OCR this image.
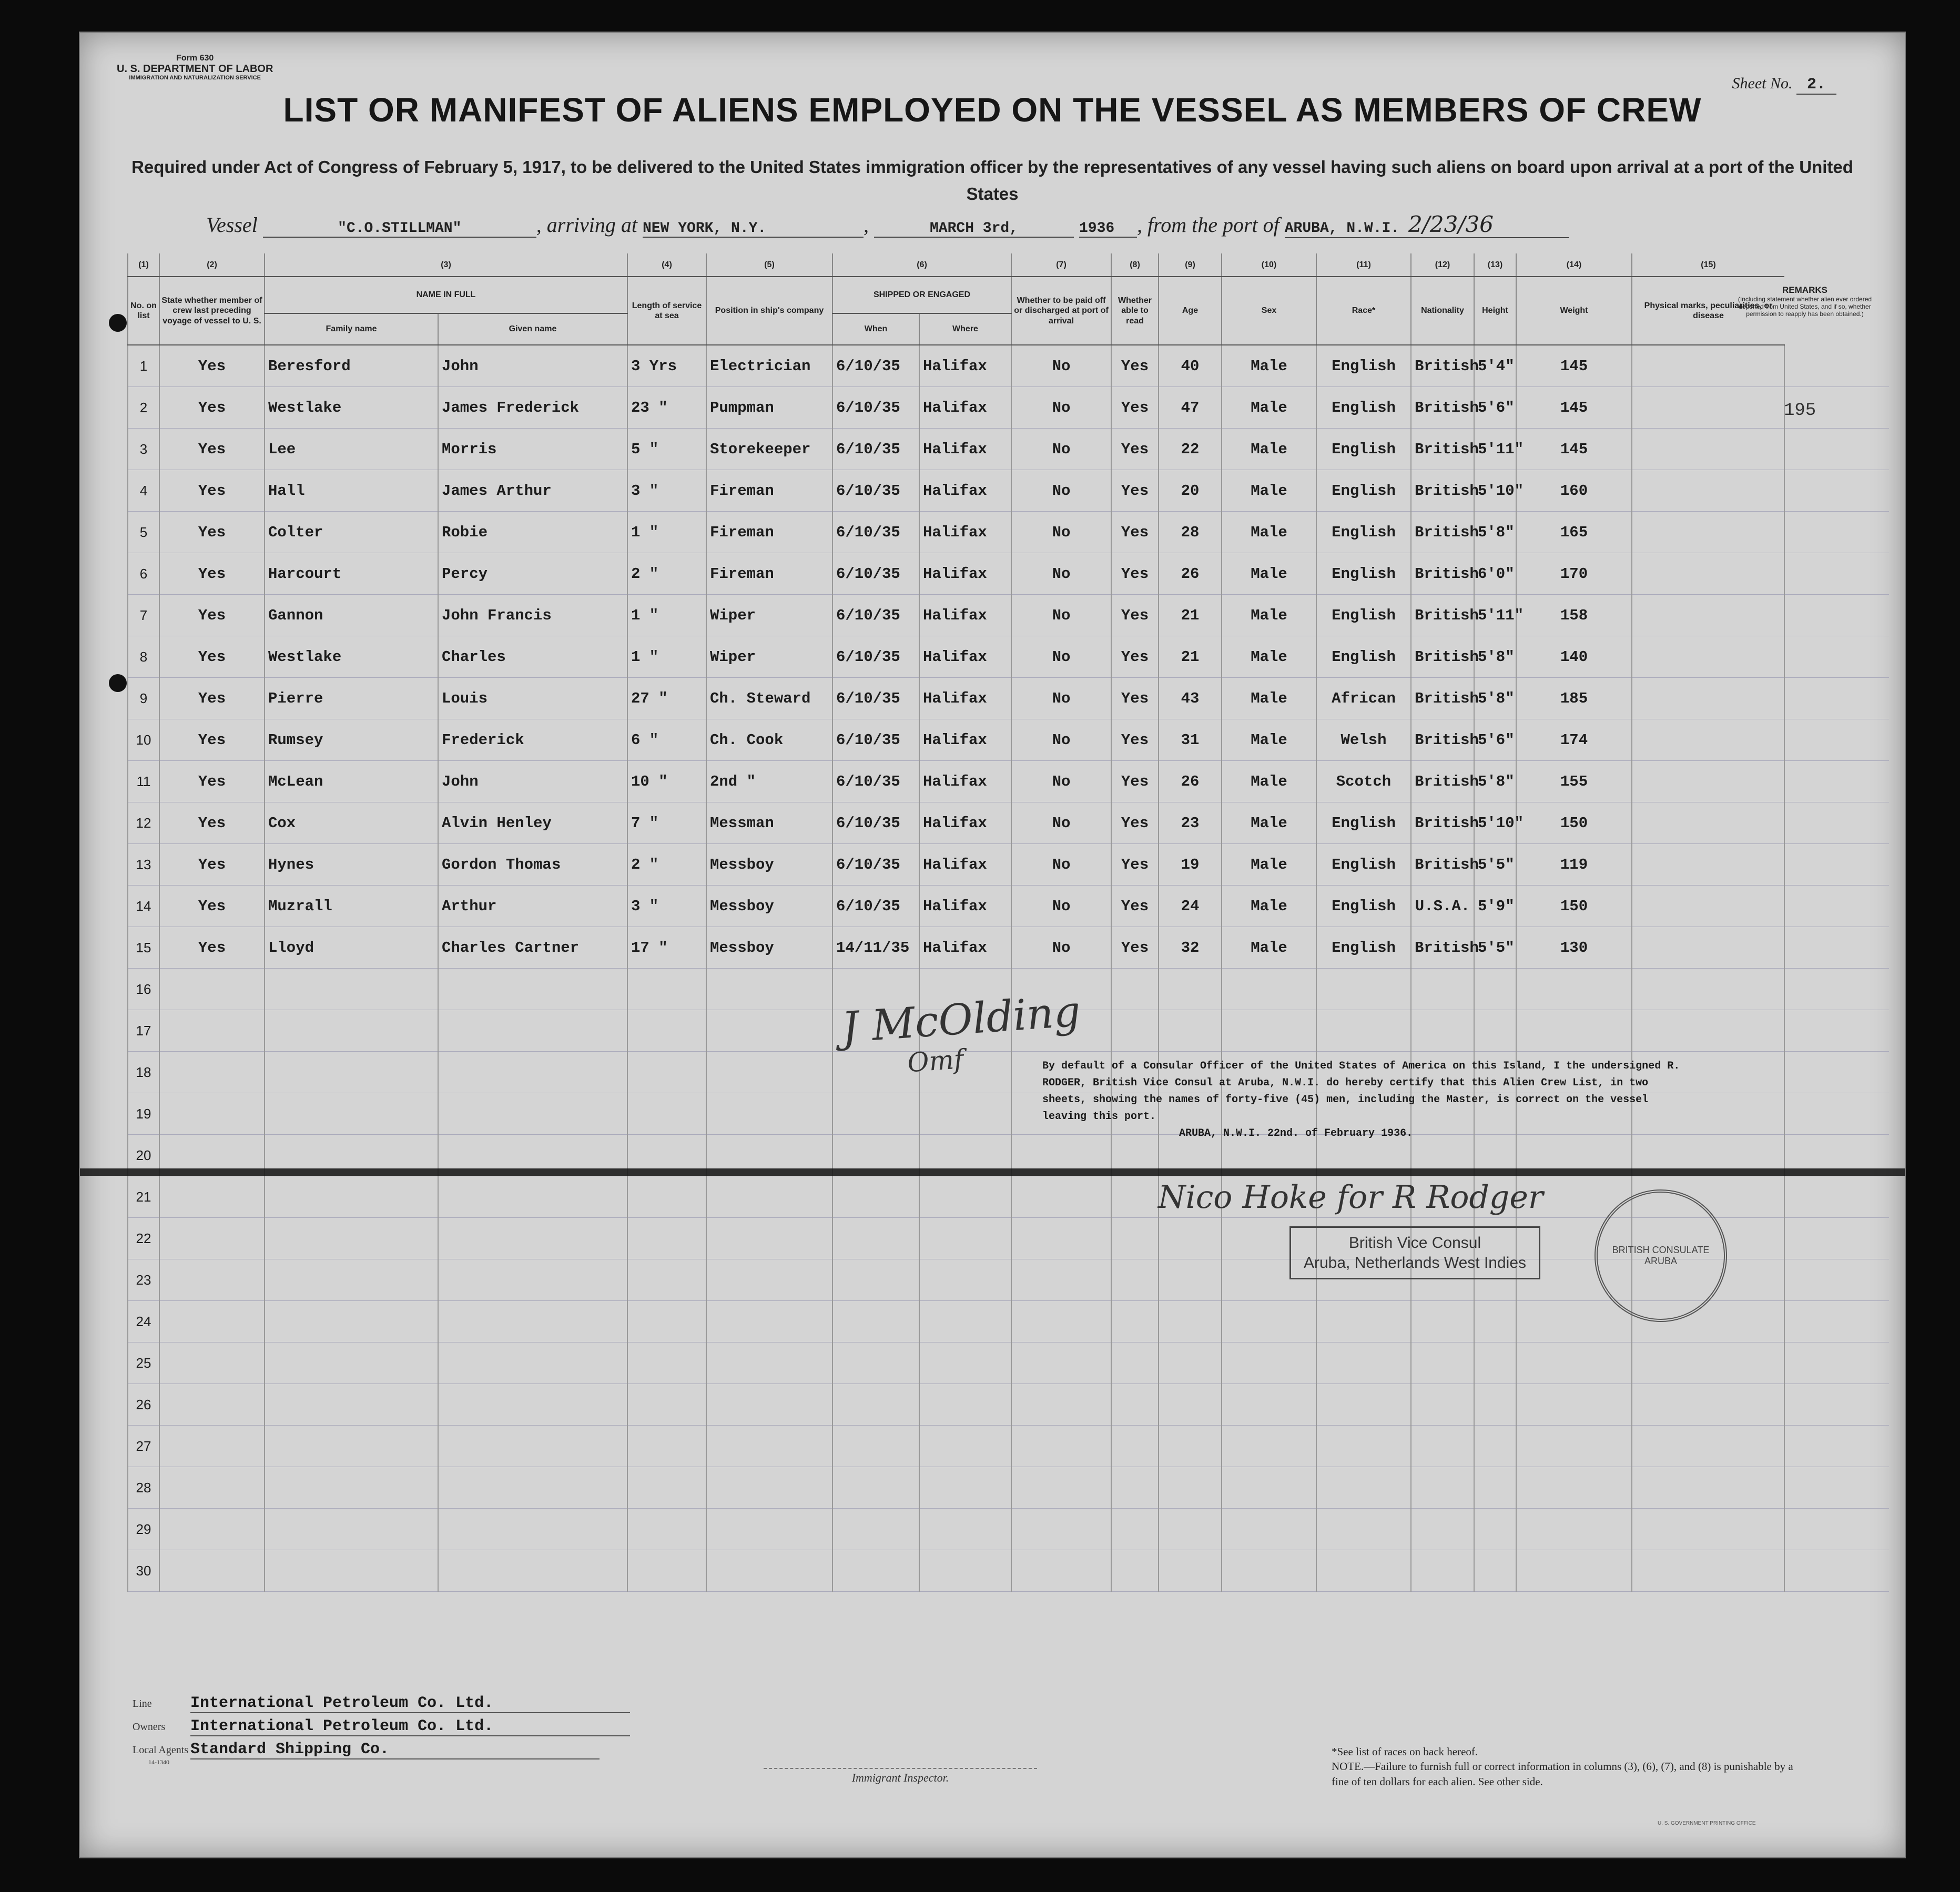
Form 630
U. S. DEPARTMENT OF LABOR
IMMIGRATION AND NATURALIZATION SERVICE	Sheet No. 2.
LIST OR MANIFEST OF ALIENS EMPLOYED ON THE VESSEL AS MEMBERS OF CREW
Required under Act of Congress of February 5, 1917, to be delivered to the United States immigration officer by the representatives of any vessel having such aliens on board upon arrival at a port of the United States
Vessel	"C.O.STILLMAN"	, arriving at NEW YORK, N.Y.	,	MARCH 3rd,	1936 , from the port of ARUBA, N.W.I. 2/23/36
(1)	(2)	(3)		(4)	(5)	(6)		(7)	(8)	(9)	(10)	(11)	(12)	(13)	(14)	(15)	
No. on list	State whether member of crew last preceding voyage of vessel to U. S.	NAME IN FULL		Length of service at sea	Position in ship's company	SHIPPED OR ENGAGED		Whether to be paid off or discharged at port of arrival	Whether able to read	Age	Sex	Race*	Nationality	Height	Weight	Physical marks, peculiarities, or disease	
		Family name	Given name			When	Where										
1	Yes	Beresford	John	3 Yrs	Electrician	6/10/35	Halifax	No	Yes	40	Male	English	British	5'4"	145		
2	Yes	Westlake	James Frederick	23 "	Pumpman	6/10/35	Halifax	No	Yes	47	Male	English	British	5'6"	145		
3	Yes	Lee	Morris	5 "	Storekeeper	6/10/35	Halifax	No	Yes	22	Male	English	British	5'11"	145		
4	Yes	Hall	James Arthur	3 "	Fireman	6/10/35	Halifax	No	Yes	20	Male	English	British	5'10"	160		
5	Yes	Colter	Robie	1 "	Fireman	6/10/35	Halifax	No	Yes	28	Male	English	British	5'8"	165		
6	Yes	Harcourt	Percy	2 "	Fireman	6/10/35	Halifax	No	Yes	26	Male	English	British	6'0"	170		
7	Yes	Gannon	John Francis	1 "	Wiper	6/10/35	Halifax	No	Yes	21	Male	English	British	5'11"	158		
8	Yes	Westlake	Charles	1 "	Wiper	6/10/35	Halifax	No	Yes	21	Male	English	British	5'8"	140		
9	Yes	Pierre	Louis	27 "	Ch. Steward	6/10/35	Halifax	No	Yes	43	Male	African	British	5'8"	185		
10	Yes	Rumsey	Frederick	6 "	Ch. Cook	6/10/35	Halifax	No	Yes	31	Male	Welsh	British	5'6"	174		
11	Yes	McLean	John	10 "	2nd "	6/10/35	Halifax	No	Yes	26	Male	Scotch	British	5'8"	155		
12	Yes	Cox	Alvin Henley	7 "	Messman	6/10/35	Halifax	No	Yes	23	Male	English	British	5'10"	150		
13	Yes	Hynes	Gordon Thomas	2 "	Messboy	6/10/35	Halifax	No	Yes	19	Male	English	British	5'5"	119		
14	Yes	Muzrall	Arthur	3 "	Messboy	6/10/35	Halifax	No	Yes	24	Male	English	U.S.A.	5'9"	150		
15	Yes	Lloyd	Charles Cartner	17 "	Messboy	14/11/35	Halifax	No	Yes	32	Male	English	British	5'5"	130		
16																	
17																	
18																	
19																	
20																	
21																	
22																	
23																	
24																	
25																	
26																	
27																	
28																	
29																	
30																	
REMARKS
(Including statement whether alien ever ordered deported from United States, and if so, whether permission to reapply has been obtained.)
195
J McOlding
Omf	By default of a Consular Officer of the United States of America on this Island, I the undersigned R. RODGER, British Vice Consul at Aruba, N.W.I. do hereby certify that this Alien Crew List, in two sheets, showing the names of forty-five (45) men, including the Master, is correct on the vessel leaving this port.
ARUBA, N.W.I. 22nd. of February 1936.
Nico Hoke for R Rodger
British Vice Consul
Aruba, Netherlands West Indies
BRITISH CONSULATE ARUBA
Line International Petroleum Co. Ltd.
Owners International Petroleum Co. Ltd.
Local Agents Standard Shipping Co.
14-1340
Immigrant Inspector.
*See list of races on back hereof.
NOTE.—Failure to furnish full or correct information in columns (3), (6), (7), and (8) is punishable by a fine of ten dollars for each alien. See other side.
U. S. GOVERNMENT PRINTING OFFICE
